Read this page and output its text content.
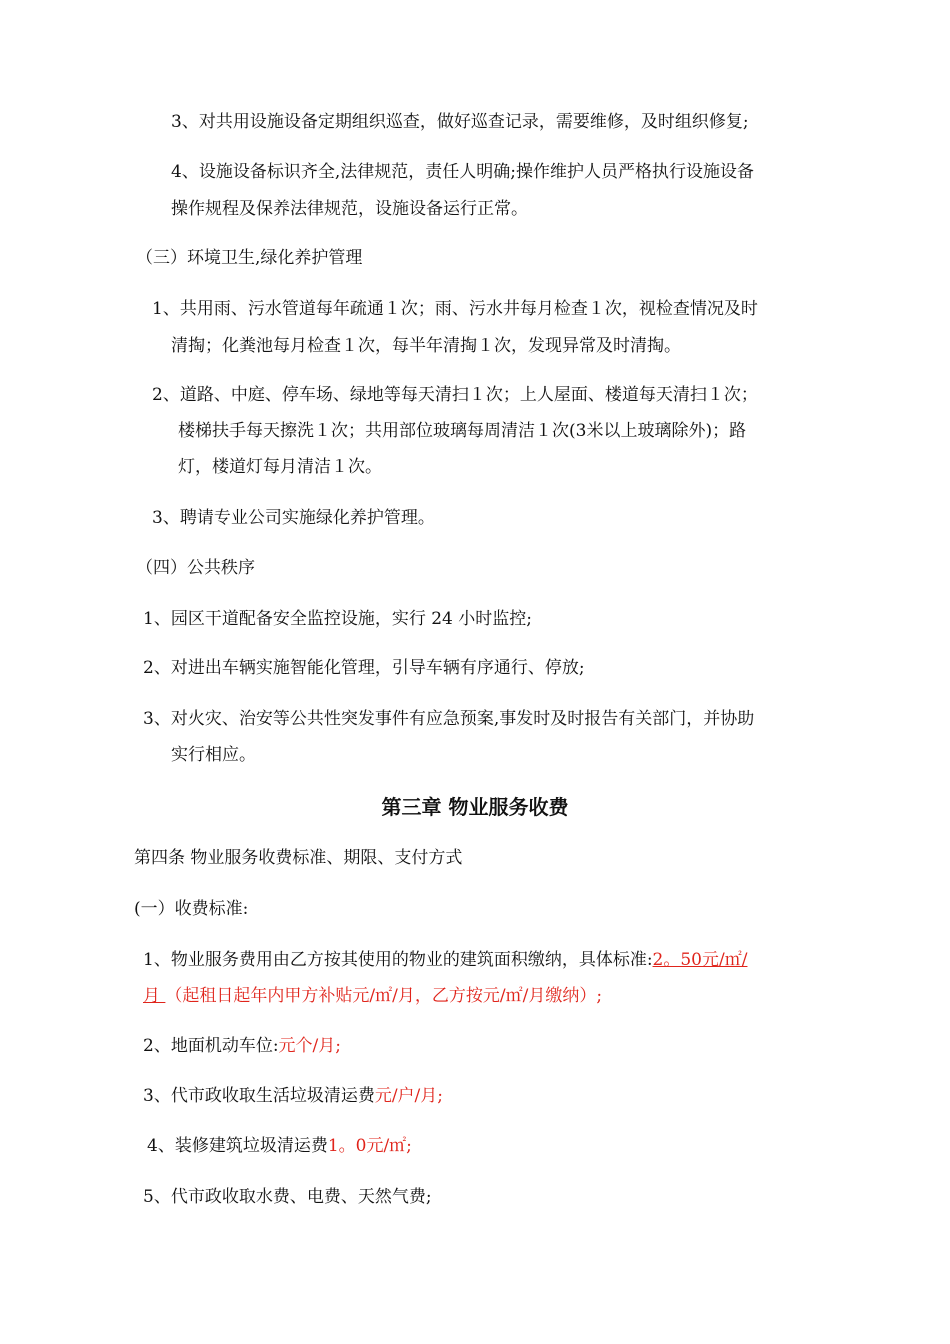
3、对共用设施设备定期组织巡查，做好巡查记录，需要维修，及时组织修复;
4、设施设备标识齐全,法律规范，责任人明确;操作维护人员严格执行设施设备
操作规程及保养法律规范，设施设备运行正常。
（三）环境卫生,绿化养护管理
1、共用雨、污水管道每年疏通１次；雨、污水井每月检查１次，视检查情况及时
清掏；化粪池每月检查１次，每半年清掏１次，发现异常及时清掏。
2、道路、中庭、停车场、绿地等每天清扫１次；上人屋面、楼道每天清扫１次；
楼梯扶手每天擦洗１次；共用部位玻璃每周清洁１次(3米以上玻璃除外)；路
灯，楼道灯每月清洁１次。
3、聘请专业公司实施绿化养护管理。
（四）公共秩序
1、园区干道配备安全监控设施，实行 24 小时监控;
2、对进出车辆实施智能化管理，引导车辆有序通行、停放;
3、对火灾、治安等公共性突发事件有应急预案,事发时及时报告有关部门，并协助
实行相应。
第三章 物业服务收费
第四条 物业服务收费标准、期限、支付方式
(一）收费标准:
1、物业服务费用由乙方按其使用的物业的建筑面积缴纳，具体标准:2。50元/㎡/
月 （起租日起年内甲方补贴元/㎡/月，乙方按元/㎡/月缴纳）;
2、地面机动车位:元个/月;
3、代市政收取生活垃圾清运费元/户/月;
4、装修建筑垃圾清运费1。0元/㎡;
5、代市政收取水费、电费、天然气费;
